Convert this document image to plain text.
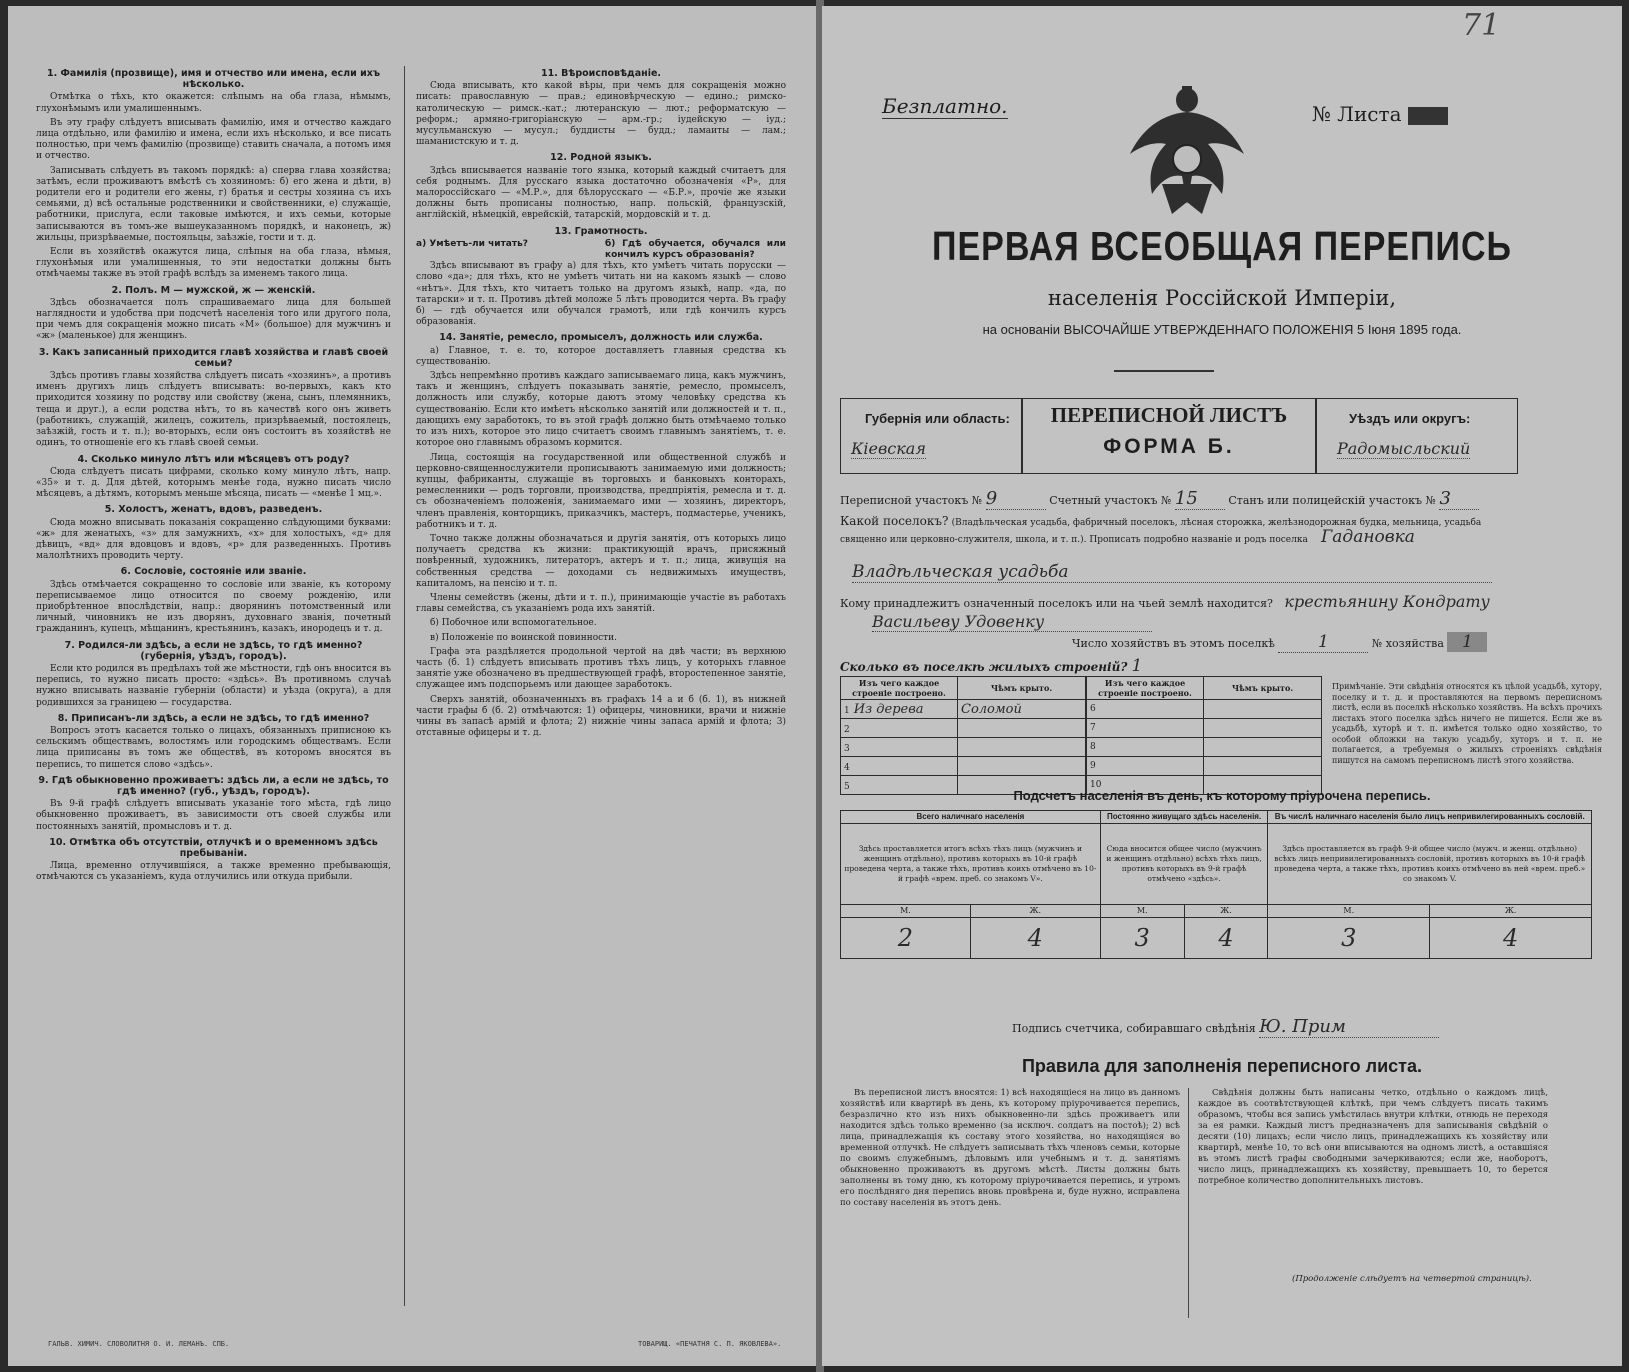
1. Фамилія (прозвище), имя и отчество или имена, если ихъ нѣсколько.

Отмѣтка о тѣхъ, кто окажется: слѣпымъ на оба глаза, нѣмымъ, глухонѣмымъ или умалишеннымъ.

Въ эту графу слѣдуетъ вписывать фамилію, имя и отчество каждаго лица отдѣльно, или фамилію и имена, если ихъ нѣсколько, и все писать полностью, при чемъ фамилію (прозвище) ставить сначала, а потомъ имя и отчество.

Записывать слѣдуетъ въ такомъ порядкѣ: а) сперва глава хозяйства; затѣмъ, если проживаютъ вмѣстѣ съ хозяиномъ: б) его жена и дѣти, в) родители его и родители его жены, г) братья и сестры хозяина съ ихъ семьями, д) всѣ остальные родственники и свойственники, е) служащіе, работники, прислуга, если таковые имѣются, и ихъ семьи, которые записываются въ томъ-же вышеуказанномъ порядкѣ, и наконецъ, ж) жильцы, призрѣваемые, постояльцы, заѣзжіе, гости и т. д.

Если въ хозяйствѣ окажутся лица, слѣпыя на оба глаза, нѣмыя, глухонѣмыя или умалишенныя, то эти недостатки должны быть отмѣчаемы также въ этой графѣ вслѣдъ за именемъ такого лица.

2. Полъ. М — мужской, ж — женскій.

Здѣсь обозначается полъ спрашиваемаго лица для большей наглядности и удобства при подсчетѣ населенія того или другого пола, при чемъ для сокращенія можно писать «М» (большое) для мужчинъ и «ж» (маленькое) для женщинъ.

3. Какъ записанный приходится главѣ хозяйства и главѣ своей семьи?

Здѣсь противъ главы хозяйства слѣдуетъ писать «хозяинъ», а противъ именъ другихъ лицъ слѣдуетъ вписывать: во-первыхъ, какъ кто приходится хозяину по родству или свойству (жена, сынъ, племянникъ, теща и друг.), а если родства нѣтъ, то въ качествѣ кого онъ живетъ (работникъ, служащій, жилецъ, сожитель, призрѣваемый, постоялецъ, заѣзжій, гость и т. п.); во-вторыхъ, если онъ состоитъ въ хозяйствѣ не одинъ, то отношеніе его къ главѣ своей семьи.

4. Сколько минуло лѣтъ или мѣсяцевъ отъ роду?

Сюда слѣдуетъ писать цифрами, сколько кому минуло лѣтъ, напр. «35» и т. д. Для дѣтей, которымъ менѣе года, нужно писать число мѣсяцевъ, а дѣтямъ, которымъ меньше мѣсяца, писать — «менѣе 1 мц.».

5. Холостъ, женатъ, вдовъ, разведенъ.

Сюда можно вписывать показанія сокращенно слѣдующими буквами: «ж» для женатыхъ, «з» для замужнихъ, «х» для холостыхъ, «д» для дѣвицъ, «вд» для вдовцовъ и вдовъ, «р» для разведенныхъ. Противъ малолѣтнихъ проводить черту.

6. Сословіе, состояніе или званіе.

Здѣсь отмѣчается сокращенно то сословіе или званіе, къ которому переписываемое лицо относится по своему рожденію, или приобрѣтенное впослѣдствіи, напр.: дворянинъ потомственный или личный, чиновникъ не изъ дворянъ, духовнаго званія, почетный гражданинъ, купецъ, мѣщанинъ, крестьянинъ, казакъ, инородецъ и т. д.

7. Родился-ли здѣсь, а если не здѣсь, то гдѣ именно? (губернія, уѣздъ, городъ).

Если кто родился въ предѣлахъ той же мѣстности, гдѣ онъ вносится въ перепись, то нужно писать просто: «здѣсь». Въ противномъ случаѣ нужно вписывать названіе губерніи (области) и уѣзда (округа), а для родившихся за границею — государства.

8. Приписанъ-ли здѣсь, а если не здѣсь, то гдѣ именно?

Вопросъ этотъ касается только о лицахъ, обязанныхъ приписною къ сельскимъ обществамъ, волостямъ или городскимъ обществамъ. Если лица приписаны въ томъ же обществѣ, въ которомъ вносятся въ перепись, то пишется слово «здѣсь».

9. Гдѣ обыкновенно проживаетъ: здѣсь ли, а если не здѣсь, то гдѣ именно? (губ., уѣздъ, городъ).

Въ 9-й графѣ слѣдуетъ вписывать указаніе того мѣста, гдѣ лицо обыкновенно проживаетъ, въ зависимости отъ своей службы или постоянныхъ занятій, промысловъ и т. д.

10. Отмѣтка объ отсутствіи, отлучкѣ и о временномъ здѣсь пребываніи.

Лица, временно отлучившіяся, а также временно пребывающія, отмѣчаются съ указаніемъ, куда отлучились или откуда прибыли.

11. Вѣроисповѣданіе.

Сюда вписывать, кто какой вѣры, при чемъ для сокращенія можно писать: православную — прав.; единовѣрческую — едино.; римско-католическую — римск.-кат.; лютеранскую — лют.; реформатскую — реформ.; армяно-григоріанскую — арм.-гр.; іудейскую — іуд.; мусульманскую — мусул.; буддисты — будд.; ламаиты — лам.; шаманистскую и т. д.

12. Родной языкъ.

Здѣсь вписывается названіе того языка, который каждый считаетъ для себя роднымъ. Для русскаго языка достаточно обозначенія «Р», для малороссійскаго — «М.Р.», для бѣлорусскаго — «Б.Р.», прочіе же языки должны быть прописаны полностью, напр. польскій, французскій, англійскій, нѣмецкій, еврейскій, татарскій, мордовскій и т. д.

13. Грамотность.
а) Умѣетъ-ли читать?	б) Гдѣ обучается, обучался или кончилъ курсъ образованія?

Здѣсь вписывают въ графу а) для тѣхъ, кто умѣетъ читать порусски — слово «да»; для тѣхъ, кто не умѣетъ читать ни на какомъ языкѣ — слово «нѣтъ». Для тѣхъ, кто читаетъ только на другомъ языкѣ, напр. «да, по татарски» и т. п. Противъ дѣтей моложе 5 лѣтъ проводится черта. Въ графу б) — гдѣ обучается или обучался грамотѣ, или гдѣ кончилъ курсъ образованія.

14. Занятіе, ремесло, промыселъ, должность или служба.

а) Главное, т. е. то, которое доставляетъ главныя средства къ существованію.

Здѣсь непремѣнно противъ каждаго записываемаго лица, какъ мужчинъ, такъ и женщинъ, слѣдуетъ показывать занятіе, ремесло, промыселъ, должность или службу, которые даютъ этому человѣку средства къ существованію. Если кто имѣетъ нѣсколько занятій или должностей и т. п., дающихъ ему заработокъ, то въ этой графѣ должно быть отмѣчаемо только то изъ нихъ, которое это лицо считаетъ своимъ главнымъ занятіемъ, т. е. которое оно главнымъ образомъ кормится.

Лица, состоящія на государственной или общественной службѣ и церковно-священнослужители прописываютъ занимаемую ими должность; купцы, фабриканты, служащіе въ торговыхъ и банковыхъ конторахъ, ремесленники — родъ торговли, производства, предпріятія, ремесла и т. д. съ обозначеніемъ положенія, занимаемаго ими — хозяинъ, директоръ, членъ правленія, конторщикъ, приказчикъ, мастеръ, подмастерье, ученикъ, работникъ и т. д.

Точно также должны обозначаться и другія занятія, отъ которыхъ лицо получаетъ средства къ жизни: практикующій врачъ, присяжный повѣренный, художникъ, литераторъ, актеръ и т. п.; лица, живущія на собственныя средства — доходами съ недвижимыхъ имуществъ, капиталомъ, на пенсію и т. п.

Члены семействъ (жены, дѣти и т. п.), принимающіе участіе въ работахъ главы семейства, съ указаніемъ рода ихъ занятій.

б) Побочное или вспомогательное.

в) Положеніе по воинской повинности.

Графа эта раздѣляется продольной чертой на двѣ части; въ верхнюю часть (б. 1) слѣдуетъ вписывать противъ тѣхъ лицъ, у которыхъ главное занятіе уже обозначено въ предшествующей графѣ, второстепенное занятіе, служащее имъ подспорьемъ или дающее заработокъ.

Сверхъ занятій, обозначенныхъ въ графахъ 14 а и б (б. 1), въ нижней части графы б (б. 2) отмѣчаются: 1) офицеры, чиновники, врачи и нижніе чины въ запасѣ армій и флота; 2) нижніе чины запаса армій и флота; 3) отставные офицеры и т. д.

ГАЛЬВ. ХИМИЧ. СЛОВОЛИТНЯ О. И. ЛЕМАНЪ. СПБ.	ТОВАРИЩ. «ПЕЧАТНЯ С. П. ЯКОВЛЕВА».
71
Безплатно.	№ Листа
ПЕРВАЯ ВСЕОБЩАЯ ПЕРЕПИСЬ
населенія Россійской Имперіи,
на основаніи ВЫСОЧАЙШЕ УТВЕРЖДЕННАГО ПОЛОЖЕНІЯ 5 Іюня 1895 года.
Губернія или область:
Кіевская
ПЕРЕПИСНОЙ ЛИСТЪ
ФОРМА Б.
Уѣздъ или округъ:
Радомысльский
Переписной участокъ № 9	Счетный участокъ № 15	Станъ или полицейскій участокъ № 3
Какой поселокъ? (Владѣльческая усадьба, фабричный поселокъ, лѣсная сторожка, желѣзнодорожная будка, мельница, усадьба священно или церковно-служителя, школа, и т. п.). Прописать подробно названіе и родъ поселка Гадановка
Владѣльческая усадьба
Кому принадлежитъ означенный поселокъ или на чьей землѣ находится? крестьянину Кондрату
Васильеву Удовенку
Число хозяйствъ въ этомъ поселкѣ	1	№ хозяйства 1
Сколько въ поселкѣ жилыхъ строеній? 1
Изъ чего каждое строеніе построено.	Чѣмъ крыто.
1 Из дерева	Соломой
2	
3	
4	
5	
Изъ чего каждое строеніе построено.	Чѣмъ крыто.
6	
7	
8	
9	
10	
Примѣчаніе. Эти свѣдѣнія относятся къ цѣлой усадьбѣ, хутору, поселку и т. д. и проставляются на первомъ переписномъ листѣ, если въ поселкѣ нѣсколько хозяйствъ. На всѣхъ прочихъ листахъ этого поселка здѣсь ничего не пишется. Если же въ усадьбѣ, хуторѣ и т. п. имѣется только одно хозяйство, то особой обложки на такую усадьбу, хуторъ и т. п. не полагается, а требуемыя о жилыхъ строеніяхъ свѣдѣнія пишутся на самомъ переписномъ листѣ этого хозяйства.
Подсчетъ населенія въ день, къ которому пріурочена перепись.
Всего наличнаго населенія		Постоянно живущаго здѣсь населенія.		Въ числѣ наличнаго населенія было лицъ непривилегированныхъ сословій.	
Здѣсь проставляется итогъ всѣхъ тѣхъ лицъ (мужчинъ и женщинъ отдѣльно), противъ которыхъ въ 10-й графѣ проведена черта, а также тѣхъ, противъ коихъ отмѣчено въ 10-й графѣ «врем. преб. со знакомъ V».		Сюда вносится общее число (мужчинъ и женщинъ отдѣльно) всѣхъ тѣхъ лицъ, противъ которыхъ въ 9-й графѣ отмѣчено «здѣсь».		Здѣсь проставляется въ графѣ 9-й общее число (мужч. и женщ. отдѣльно) всѣхъ лицъ непривилегированныхъ сословій, противъ которыхъ въ 10-й графѣ проведена черта, а также тѣхъ, противъ коихъ отмѣчено въ ней «врем. преб.» со знакомъ V.	
М.	Ж.	М.	Ж.	М.	Ж.
2	4	3	4	3	4
Подпись счетчика, собиравшаго свѣдѣнія Ю. Прим
Правила для заполненія переписного листа.
Въ переписной листъ вносятся: 1) всѣ находящіеся на лицо въ данномъ хозяйствѣ или квартирѣ въ день, къ которому пріурочивается перепись, безразлично кто изъ нихъ обыкновенно-ли здѣсь проживаетъ или находится здѣсь только временно (за исключ. солдатъ на постоѣ); 2) всѣ лица, принадлежащія къ составу этого хозяйства, но находящіяся во временной отлучкѣ. Не слѣдуетъ записывать тѣхъ членовъ семьи, которые по своимъ служебнымъ, дѣловымъ или учебнымъ и т. д. занятіямъ обыкновенно проживаютъ въ другомъ мѣстѣ. Листы должны быть заполнены въ тому дню, къ которому пріурочивается перепись, и утромъ его послѣдняго дня перепись вновь провѣрена и, буде нужно, исправлена по составу населенія въ этотъ день.
Свѣдѣнія должны быть написаны четко, отдѣльно о каждомъ лицѣ, каждое въ соотвѣтствующей клѣткѣ, при чемъ слѣдуетъ писать такимъ образомъ, чтобы вся запись умѣстилась внутри клѣтки, отнюдь не переходя за ея рамки. Каждый листъ предназначенъ для записыванія свѣдѣній о десяти (10) лицахъ; если число лицъ, принадлежащихъ къ хозяйству или квартирѣ, менѣе 10, то всѣ они вписываются на одномъ листѣ, а оставшіяся въ этомъ листѣ графы свободными зачеркиваются; если же, наоборотъ, число лицъ, принадлежащихъ къ хозяйству, превышаетъ 10, то берется потребное количество дополнительныхъ листовъ.
(Продолженіе слѣдуетъ на четвертой страницѣ).
